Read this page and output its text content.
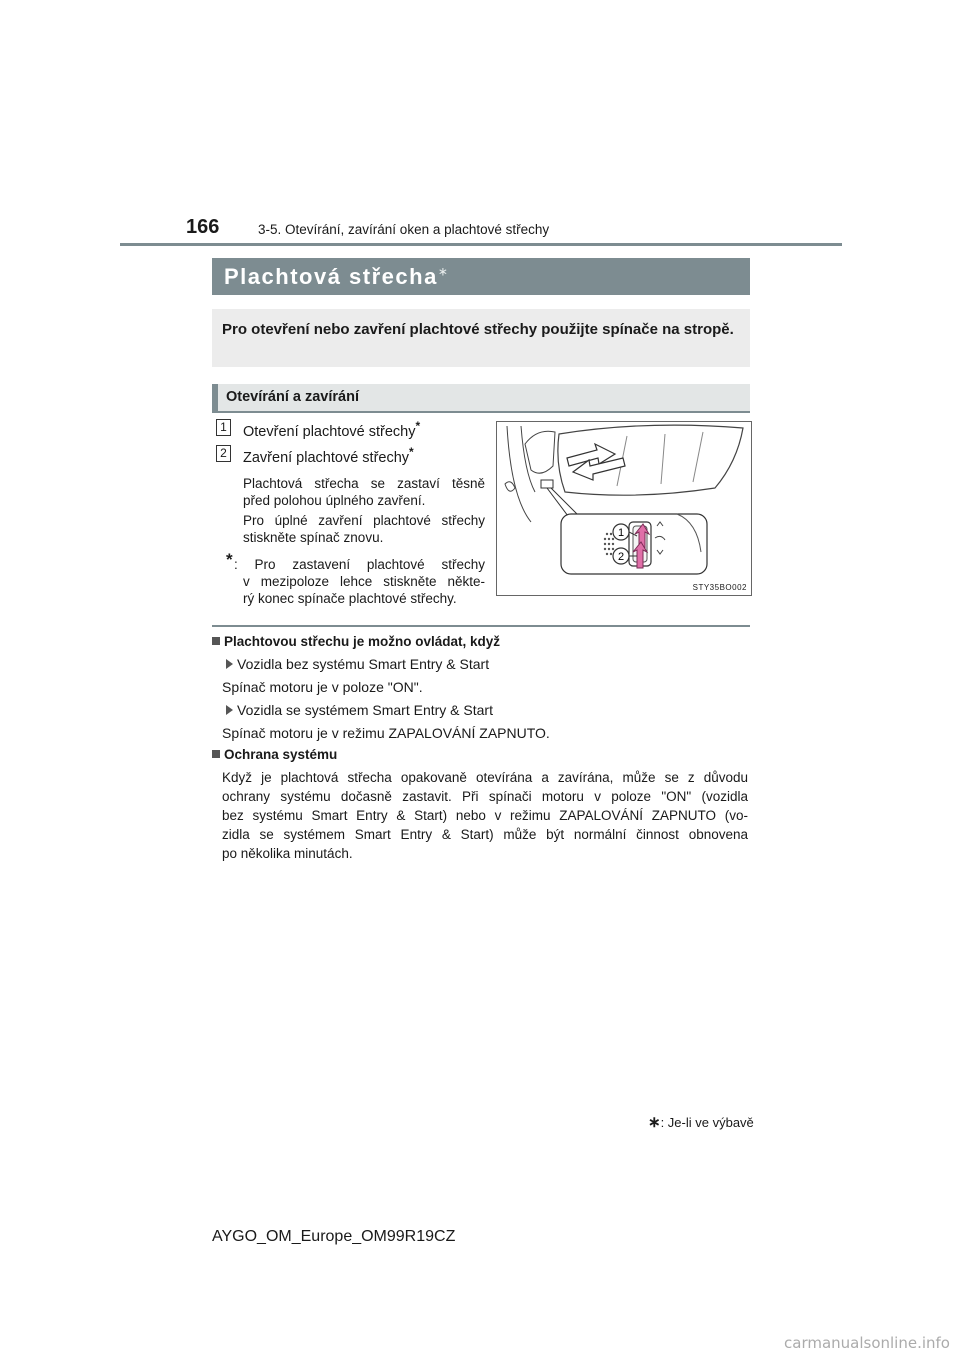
166	3-5. Otevírání, zavírání oken a plachtové střechy
Plachtová střecha∗
Pro otevření nebo zavření plachtové střechy použijte spínače na stropě.
Otevírání a zavírání
1 Otevření plachtové střechy*
2 Zavření plachtové střechy*
Plachtová střecha se zastaví těsně
před polohou úplného zavření.
Pro úplné zavření plachtové střechy
stiskněte spínač znovu.
* : Pro zastavení plachtové střechy
v mezipoloze lehce stiskněte někte-
rý konec spínače plachtové střechy.
1
2
STY35BO002
Plachtovou střechu je možno ovládat, když
Vozidla bez systému Smart Entry & Start
Spínač motoru je v poloze "ON".
Vozidla se systémem Smart Entry & Start
Spínač motoru je v režimu ZAPALOVÁNÍ ZAPNUTO.
Ochrana systému
Když je plachtová střecha opakovaně otevírána a zavírána, může se z důvodu
ochrany systému dočasně zastavit. Při spínači motoru v poloze "ON" (vozidla
bez systému Smart Entry & Start) nebo v režimu ZAPALOVÁNÍ ZAPNUTO (vo-
zidla se systémem Smart Entry & Start) může být normální činnost obnovena
po několika minutách.
∗: Je-li ve výbavě
AYGO_OM_Europe_OM99R19CZ
carmanualsonline.info
